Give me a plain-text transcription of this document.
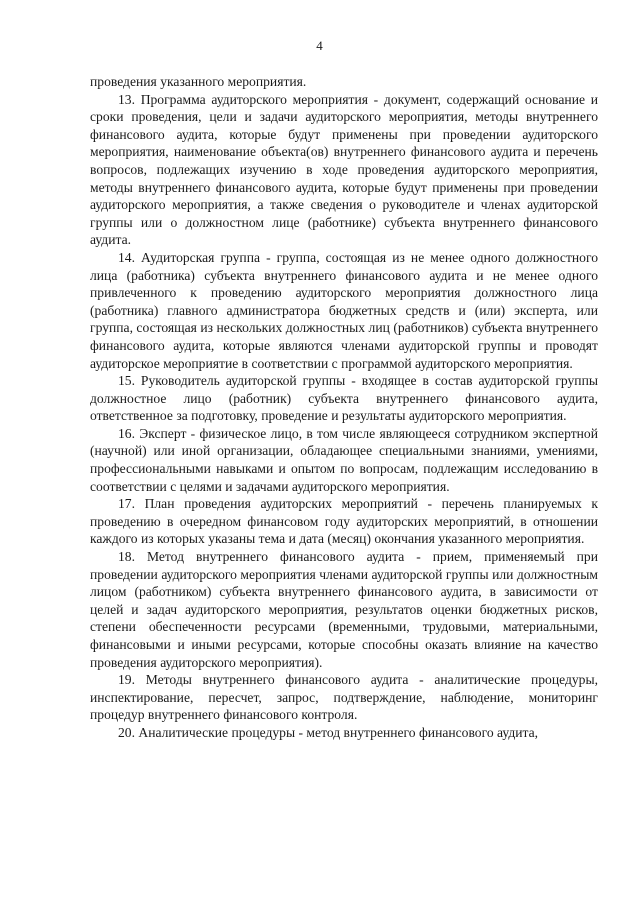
4

проведения указанного мероприятия.

13. Программа аудиторского мероприятия - документ, содержащий основание и сроки проведения, цели и задачи аудиторского мероприятия, методы внутреннего финансового аудита, которые будут применены при проведении аудиторского мероприятия, наименование объекта(ов) внутреннего финансового аудита и перечень вопросов, подлежащих изучению в ходе проведения аудиторского мероприятия, методы внутреннего финансового аудита, которые будут применены при проведении аудиторского мероприятия, а также сведения о руководителе и членах аудиторской группы или о должностном лице (работнике) субъекта внутреннего финансового аудита.

14. Аудиторская группа - группа, состоящая из не менее одного должностного лица (работника) субъекта внутреннего финансового аудита и не менее одного привлеченного к проведению аудиторского мероприятия должностного лица (работника) главного администратора бюджетных средств и (или) эксперта, или группа, состоящая из нескольких должностных лиц (работников) субъекта внутреннего финансового аудита, которые являются членами аудиторской группы и проводят аудиторское мероприятие в соответствии с программой аудиторского мероприятия.

15. Руководитель аудиторской группы - входящее в состав аудиторской группы должностное лицо (работник) субъекта внутреннего финансового аудита, ответственное за подготовку, проведение и результаты аудиторского мероприятия.

16. Эксперт - физическое лицо, в том числе являющееся сотрудником экспертной (научной) или иной организации, обладающее специальными знаниями, умениями, профессиональными навыками и опытом по вопросам, подлежащим исследованию в соответствии с целями и задачами аудиторского мероприятия.

17. План проведения аудиторских мероприятий - перечень планируемых к проведению в очередном финансовом году аудиторских мероприятий, в отношении каждого из которых указаны тема и дата (месяц) окончания указанного мероприятия.

18. Метод внутреннего финансового аудита - прием, применяемый при проведении аудиторского мероприятия членами аудиторской группы или должностным лицом (работником) субъекта внутреннего финансового аудита, в зависимости от целей и задач аудиторского мероприятия, результатов оценки бюджетных рисков, степени обеспеченности ресурсами (временными, трудовыми, материальными, финансовыми и иными ресурсами, которые способны оказать влияние на качество проведения аудиторского мероприятия).

19. Методы внутреннего финансового аудита - аналитические процедуры, инспектирование, пересчет, запрос, подтверждение, наблюдение, мониторинг процедур внутреннего финансового контроля.

20. Аналитические процедуры - метод внутреннего финансового аудита,
